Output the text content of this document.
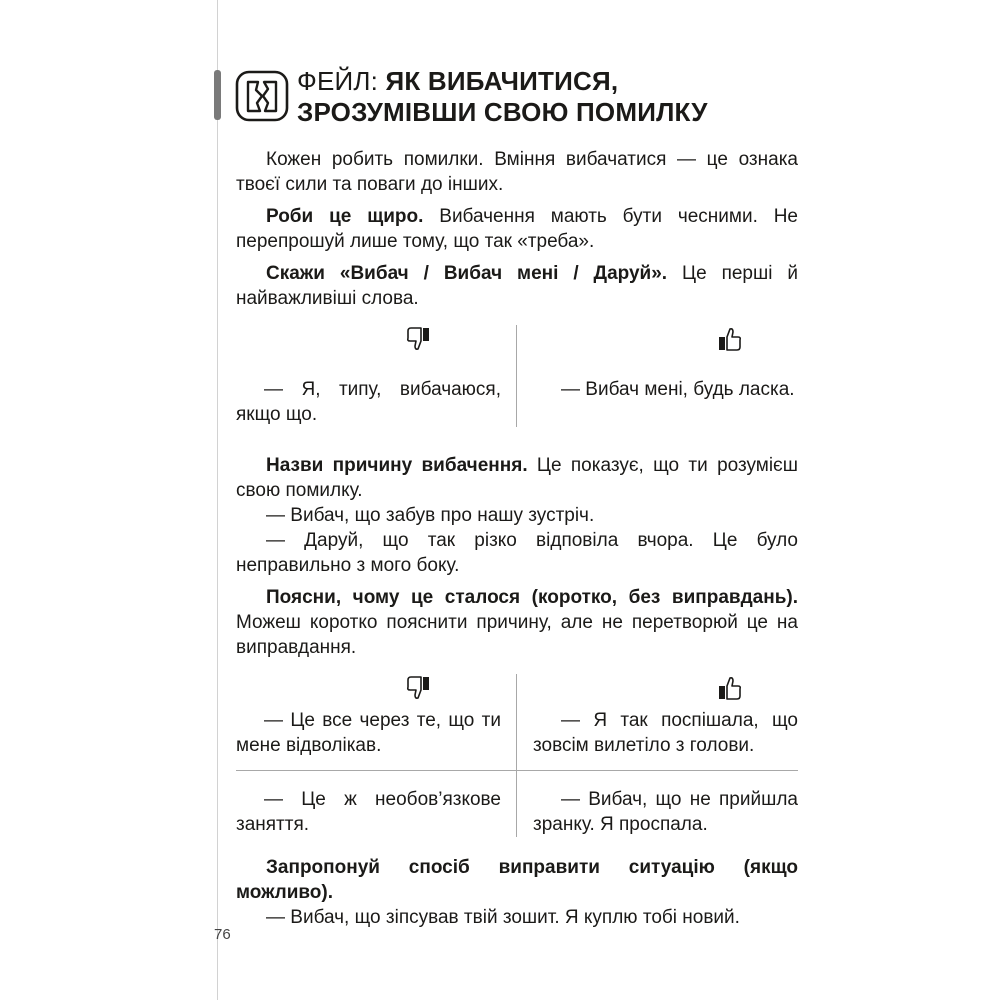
ФЕЙЛ: ЯК ВИБАЧИТИСЯ,
ЗРОЗУМІВШИ СВОЮ ПОМИЛКУ

Кожен робить помилки. Вміння вибачатися — це ознака твоєї сили та поваги до інших.

Роби це щиро. Вибачення мають бути чесними. Не перепрошуй лише тому, що так «треба».

Скажи «Вибач / Вибач мені / Даруй». Це перші й найважливіші слова.

— Я, типу, вибачаюся, якщо що.
— Вибач мені, будь ласка.

Назви причину вибачення. Це показує, що ти розумієш свою помилку.

— Вибач, що забув про нашу зустріч.

— Даруй, що так різко відповіла вчора. Це було неправильно з мого боку.

Поясни, чому це сталося (коротко, без виправдань). Можеш коротко пояснити причину, але не перетворюй це на виправдання.

— Це все через те, що ти мене відволікав.
— Я так поспішала, що зовсім вилетіло з голови.
— Це ж необов’язкове заняття.
— Вибач, що не прийшла зранку. Я проспала.

Запропонуй спосіб виправити ситуацію (якщо можливо).

— Вибач, що зіпсував твій зошит. Я куплю тобі новий.

76
